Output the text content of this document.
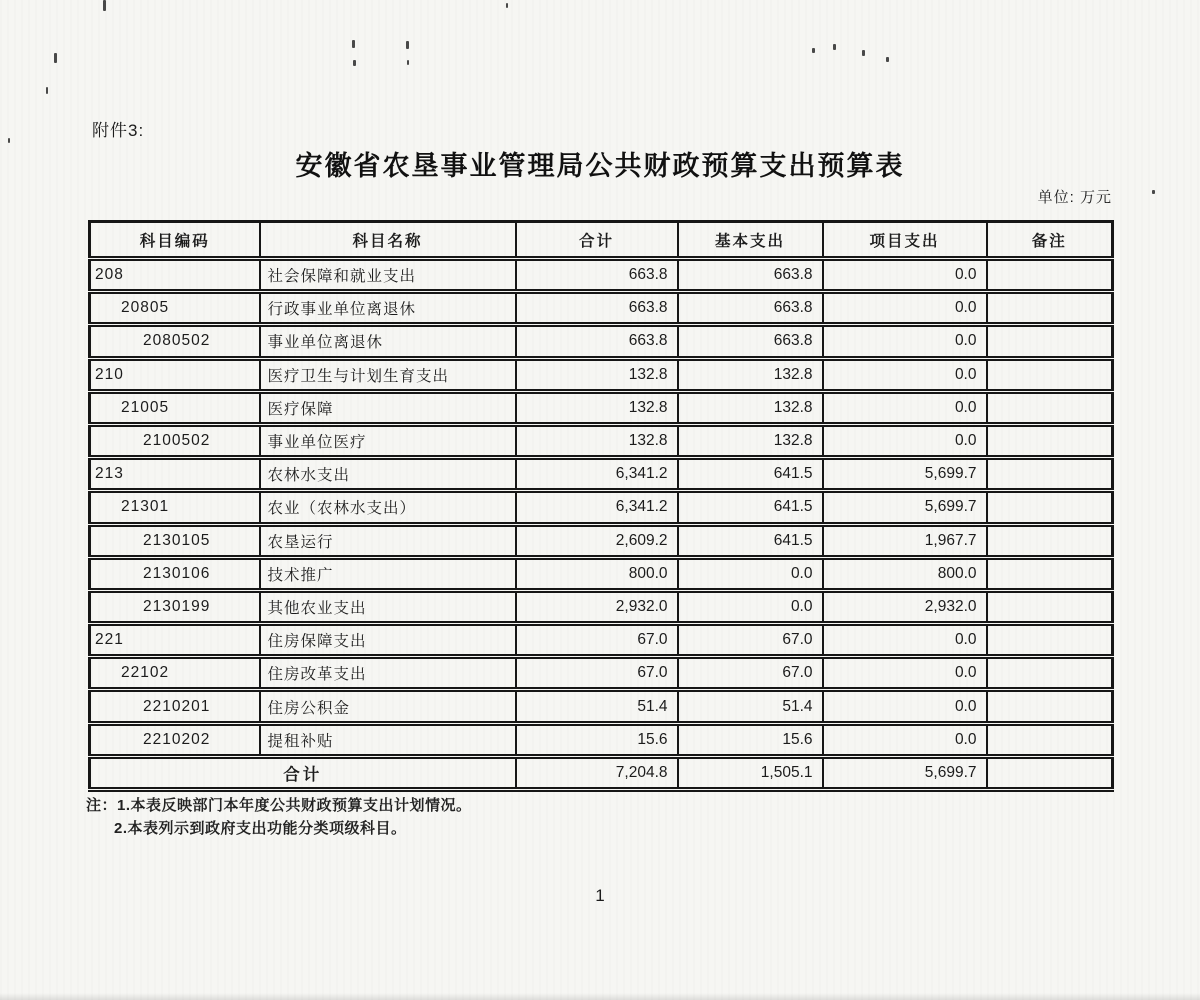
附件3:
安徽省农垦事业管理局公共财政预算支出预算表
单位: 万元
科目编码	科目名称	合计	基本支出	项目支出	备注
208	社会保障和就业支出	663.8	663.8	0.0	
20805	行政事业单位离退休	663.8	663.8	0.0	
2080502	事业单位离退休	663.8	663.8	0.0	
210	医疗卫生与计划生育支出	132.8	132.8	0.0	
21005	医疗保障	132.8	132.8	0.0	
2100502	事业单位医疗	132.8	132.8	0.0	
213	农林水支出	6,341.2	641.5	5,699.7	
21301	农业（农林水支出）	6,341.2	641.5	5,699.7	
2130105	农垦运行	2,609.2	641.5	1,967.7	
2130106	技术推广	800.0	0.0	800.0	
2130199	其他农业支出	2,932.0	0.0	2,932.0	
221	住房保障支出	67.0	67.0	0.0	
22102	住房改革支出	67.0	67.0	0.0	
2210201	住房公积金	51.4	51.4	0.0	
2210202	提租补贴	15.6	15.6	0.0	
合计		7,204.8	1,505.1	5,699.7	
注：1.本表反映部门本年度公共财政预算支出计划情况。
2.本表列示到政府支出功能分类项级科目。
1
